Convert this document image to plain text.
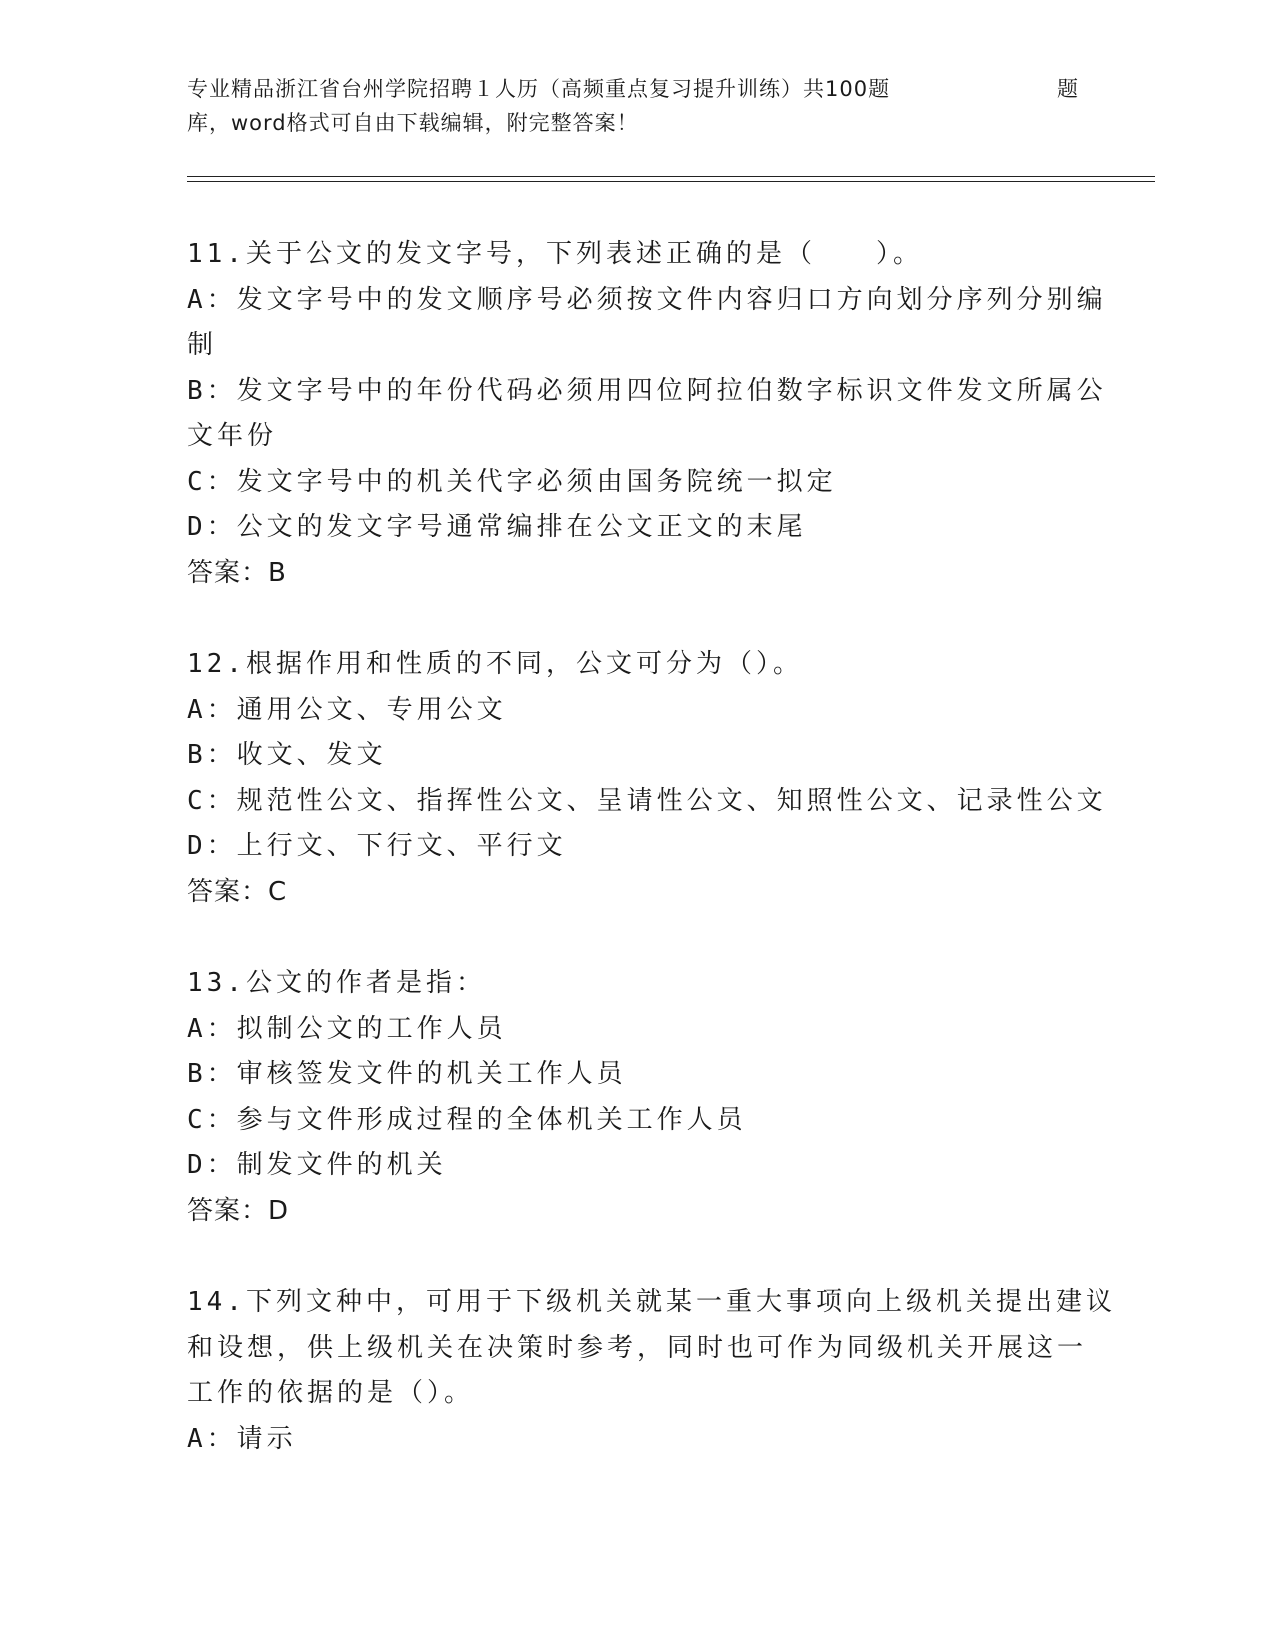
专业精品浙江省台州学院招聘１人历（高频重点复习提升训练）共100题	题
库，word格式可自由下载编辑，附完整答案！
11.关于公文的发文字号，下列表述正确的是（　　）。
A：发文字号中的发文顺序号必须按文件内容归口方向划分序列分别编
制
B：发文字号中的年份代码必须用四位阿拉伯数字标识文件发文所属公
文年份
C：发文字号中的机关代字必须由国务院统一拟定
D：公文的发文字号通常编排在公文正文的末尾
答案：B
12.根据作用和性质的不同，公文可分为（）。
A：通用公文、专用公文
B：收文、发文
C：规范性公文、指挥性公文、呈请性公文、知照性公文、记录性公文
D：上行文、下行文、平行文
答案：C
13.公文的作者是指：
A：拟制公文的工作人员
B：审核签发文件的机关工作人员
C：参与文件形成过程的全体机关工作人员
D：制发文件的机关
答案：D
14.下列文种中，可用于下级机关就某一重大事项向上级机关提出建议
和设想，供上级机关在决策时参考，同时也可作为同级机关开展这一
工作的依据的是（）。
A：请示
